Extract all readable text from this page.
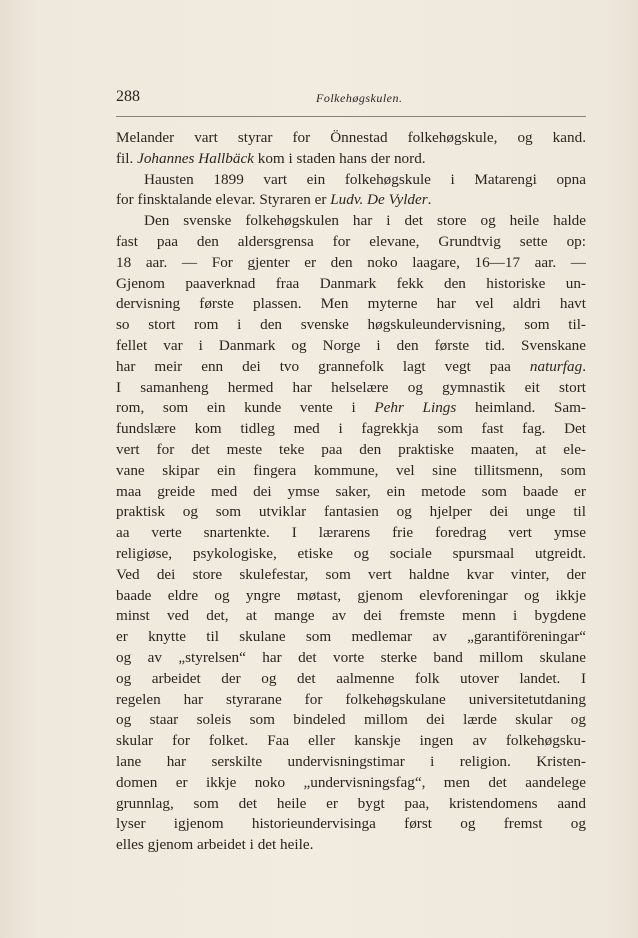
288	Folkehøgskulen.
Melander vart styrar for Önnestad folkehøgskule, og kand.
fil. Johannes Hallbäck kom i staden hans der nord.
Hausten 1899 vart ein folkehøgskule i Matarengi opna
for finsktalande elevar. Styraren er Ludv. De Vylder.
Den svenske folkehøgskulen har i det store og heile halde
fast paa den aldersgrensa for elevane, Grundtvig sette op:
18 aar. — For gjenter er den noko laagare, 16—17 aar. —
Gjenom paaverknad fraa Danmark fekk den historiske un-
dervisning første plassen. Men myterne har vel aldri havt
so stort rom i den svenske høgskuleundervisning, som til-
fellet var i Danmark og Norge i den første tid. Svenskane
har meir enn dei tvo grannefolk lagt vegt paa naturfag.
I samanheng hermed har helselære og gymnastik eit stort
rom, som ein kunde vente i Pehr Lings heimland. Sam-
fundslære kom tidleg med i fagrekkja som fast fag. Det
vert for det meste teke paa den praktiske maaten, at ele-
vane skipar ein fingera kommune, vel sine tillitsmenn, som
maa greide med dei ymse saker, ein metode som baade er
praktisk og som utviklar fantasien og hjelper dei unge til
aa verte snartenkte. I lærarens frie foredrag vert ymse
religiøse, psykologiske, etiske og sociale spursmaal utgreidt.
Ved dei store skulefestar, som vert haldne kvar vinter, der
baade eldre og yngre møtast, gjenom elevforeningar og ikkje
minst ved det, at mange av dei fremste menn i bygdene
er knytte til skulane som medlemar av „garantiföreningar“
og av „styrelsen“ har det vorte sterke band millom skulane
og arbeidet der og det aalmenne folk utover landet. I
regelen har styrarane for folkehøgskulane universitetutdaning
og staar soleis som bindeled millom dei lærde skular og
skular for folket. Faa eller kanskje ingen av folkehøgsku-
lane har serskilte undervisningstimar i religion. Kristen-
domen er ikkje noko „undervisningsfag“, men det aandelege
grunnlag, som det heile er bygt paa, kristendomens aand
lyser igjenom historieundervisinga først og fremst og
elles gjenom arbeidet i det heile.
